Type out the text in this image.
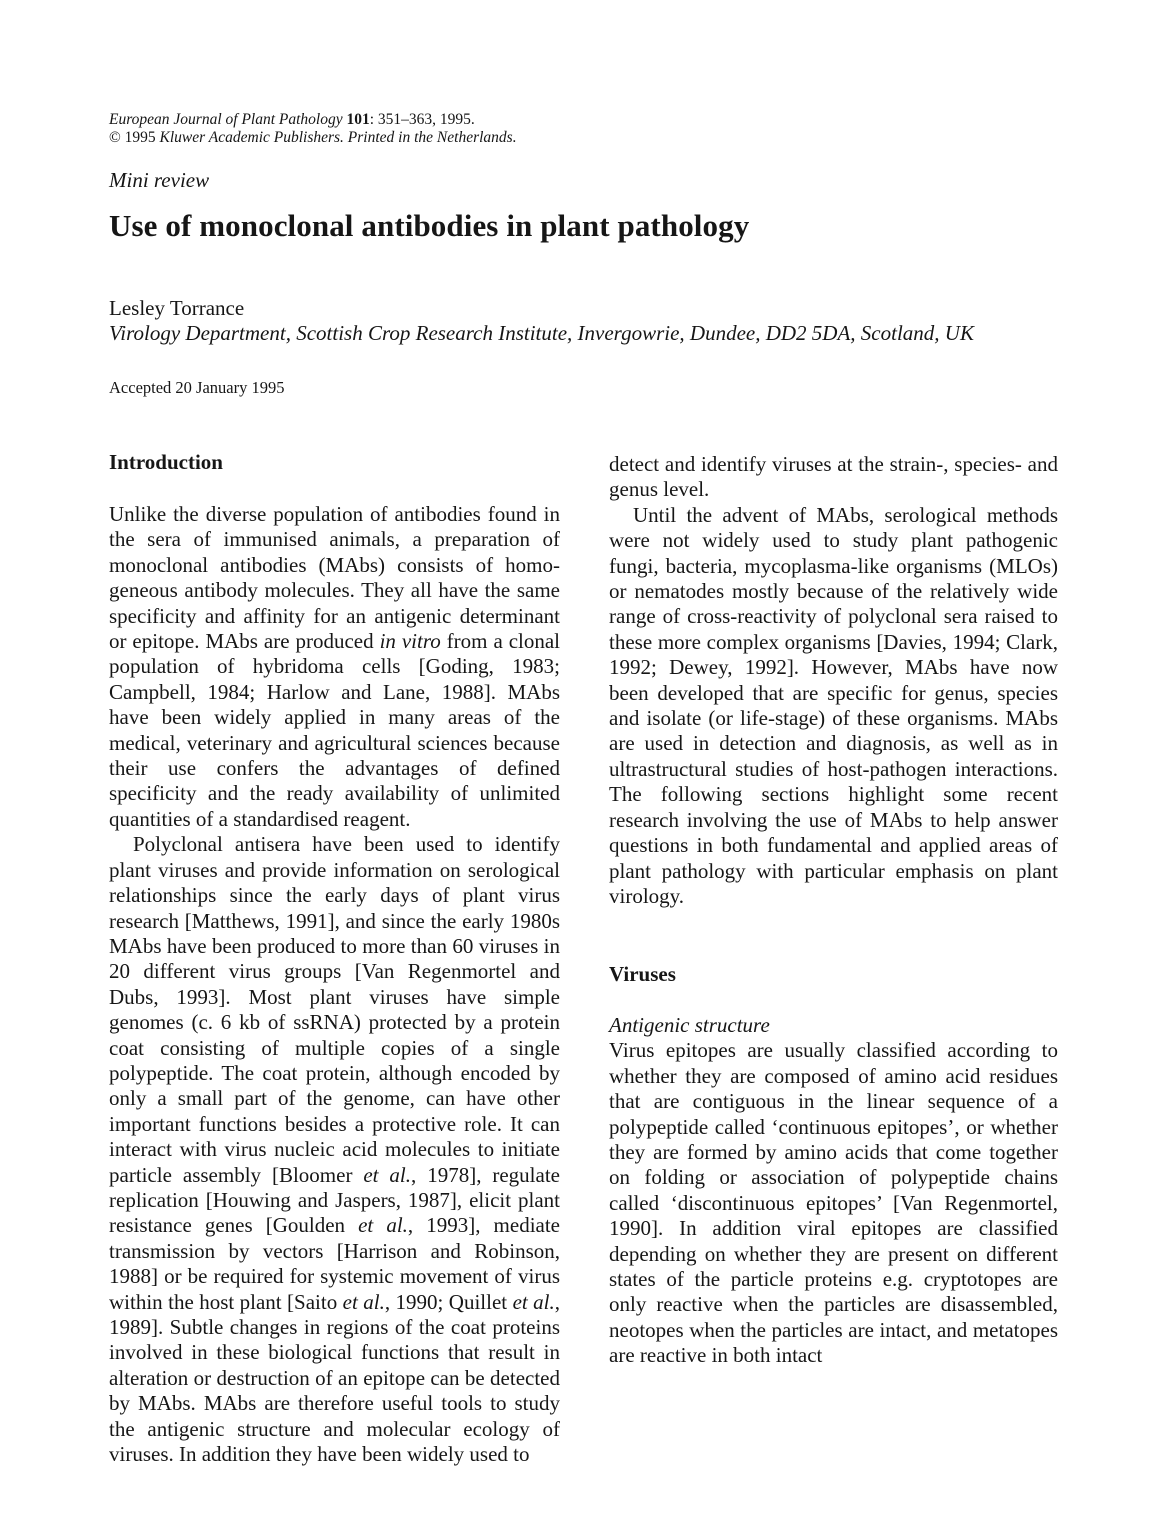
European Journal of Plant Pathology 101: 351–363, 1995.
© 1995 Kluwer Academic Publishers. Printed in the Netherlands.
Mini review
Use of monoclonal antibodies in plant pathology
Lesley Torrance
Virology Department, Scottish Crop Research Institute, Invergowrie, Dundee, DD2 5DA, Scotland, UK
Accepted 20 January 1995
Introduction

Unlike the diverse population of antibodies found in the sera of immunised animals, a preparation of monoclonal antibodies (MAbs) consists of homogeneous antibody molecules. They all have the same specificity and affinity for an antigenic determinant or epitope. MAbs are produced in vitro from a clonal population of hybridoma cells [Goding, 1983; Campbell, 1984; Harlow and Lane, 1988]. MAbs have been widely applied in many areas of the medical, veterinary and agricultural sciences because their use confers the advantages of defined specificity and the ready availability of unlimited quantities of a standardised reagent.

Polyclonal antisera have been used to identify plant viruses and provide information on serological relationships since the early days of plant virus research [Matthews, 1991], and since the early 1980s MAbs have been produced to more than 60 viruses in 20 different virus groups [Van Regenmortel and Dubs, 1993]. Most plant viruses have simple genomes (c. 6 kb of ssRNA) protected by a protein coat consisting of multiple copies of a single polypeptide. The coat protein, although encoded by only a small part of the genome, can have other important functions besides a protective role. It can interact with virus nucleic acid molecules to initiate particle assembly [Bloomer et al., 1978], regulate replication [Houwing and Jaspers, 1987], elicit plant resistance genes [Goulden et al., 1993], mediate transmission by vectors [Harrison and Robinson, 1988] or be required for systemic movement of virus within the host plant [Saito et al., 1990; Quillet et al., 1989]. Subtle changes in regions of the coat proteins involved in these biological functions that result in alteration or destruction of an epitope can be detected by MAbs. MAbs are therefore useful tools to study the antigenic structure and molecular ecology of viruses. In addition they have been widely used to

detect and identify viruses at the strain-, species- and genus level.

Until the advent of MAbs, serological methods were not widely used to study plant pathogenic fungi, bacteria, mycoplasma-like organisms (MLOs) or nematodes mostly because of the relatively wide range of cross-reactivity of polyclonal sera raised to these more complex organisms [Davies, 1994; Clark, 1992; Dewey, 1992]. However, MAbs have now been developed that are specific for genus, species and isolate (or life-stage) of these organisms. MAbs are used in detection and diagnosis, as well as in ultrastructural studies of host-pathogen interactions. The following sections highlight some recent research involving the use of MAbs to help answer questions in both fundamental and applied areas of plant pathology with particular emphasis on plant virology.

Viruses
Antigenic structure

Virus epitopes are usually classified according to whether they are composed of amino acid residues that are contiguous in the linear sequence of a polypeptide called ‘continuous epitopes’, or whether they are formed by amino acids that come together on folding or association of polypeptide chains called ‘discontinuous epitopes’ [Van Regenmortel, 1990]. In addition viral epitopes are classified depending on whether they are present on different states of the particle proteins e.g. cryptotopes are only reactive when the particles are disassembled, neotopes when the particles are intact, and metatopes are reactive in both intact
